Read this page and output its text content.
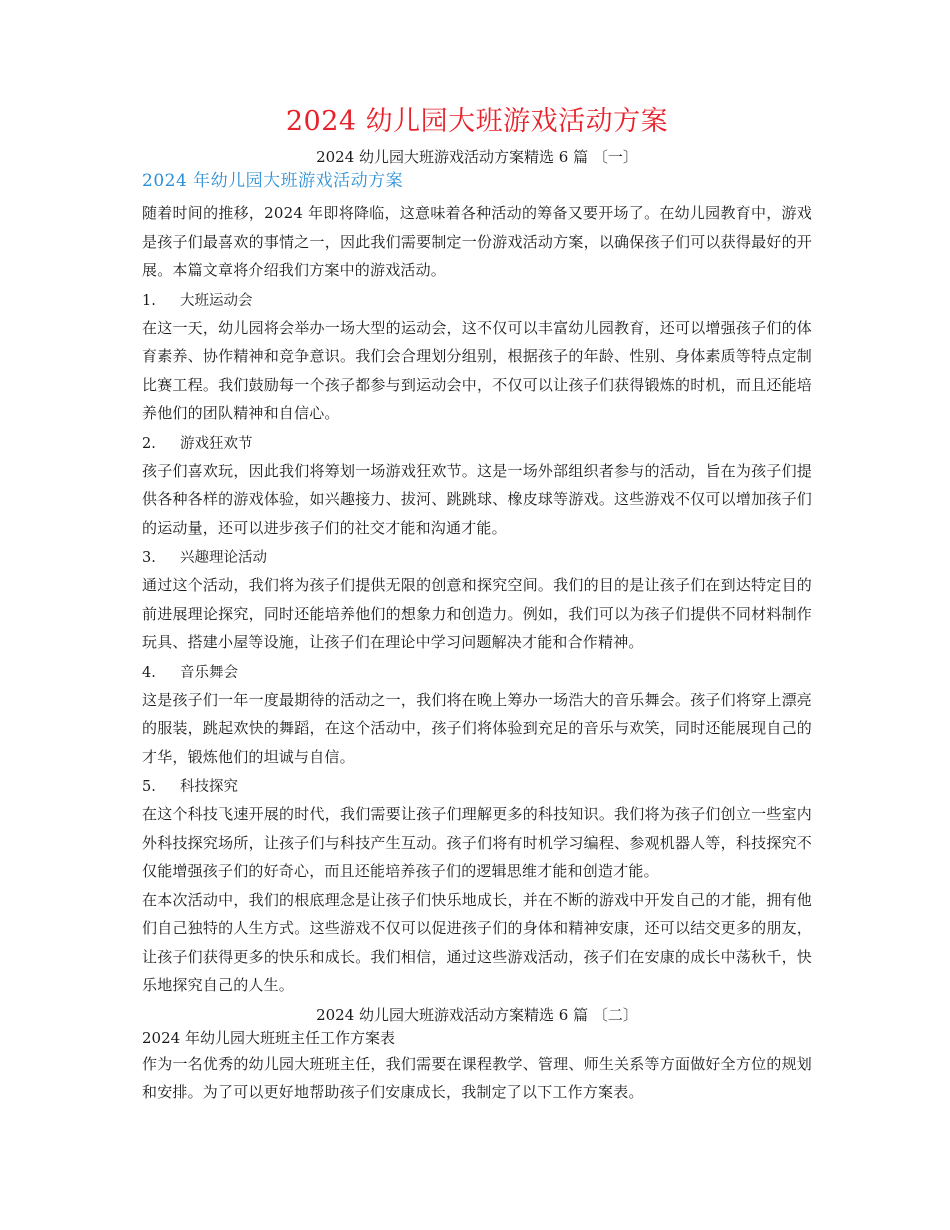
2024 幼儿园大班游戏活动方案

2024 幼儿园大班游戏活动方案精选 6 篇 〔一〕

2024 年幼儿园大班游戏活动方案

随着时间的推移，2024 年即将降临，这意味着各种活动的筹备又要开场了。在幼儿园教育中，游戏是孩子们最喜欢的事情之一，因此我们需要制定一份游戏活动方案，以确保孩子们可以获得最好的开展。本篇文章将介绍我们方案中的游戏活动。

1. 大班运动会

在这一天，幼儿园将会举办一场大型的运动会，这不仅可以丰富幼儿园教育，还可以增强孩子们的体育素养、协作精神和竞争意识。我们会合理划分组别，根据孩子的年龄、性别、身体素质等特点定制比赛工程。我们鼓励每一个孩子都参与到运动会中，不仅可以让孩子们获得锻炼的时机，而且还能培养他们的团队精神和自信心。

2. 游戏狂欢节

孩子们喜欢玩，因此我们将筹划一场游戏狂欢节。这是一场外部组织者参与的活动，旨在为孩子们提供各种各样的游戏体验，如兴趣接力、拔河、跳跳球、橡皮球等游戏。这些游戏不仅可以增加孩子们的运动量，还可以进步孩子们的社交才能和沟通才能。

3. 兴趣理论活动

通过这个活动，我们将为孩子们提供无限的创意和探究空间。我们的目的是让孩子们在到达特定目的前进展理论探究，同时还能培养他们的想象力和创造力。例如，我们可以为孩子们提供不同材料制作玩具、搭建小屋等设施，让孩子们在理论中学习问题解决才能和合作精神。

4. 音乐舞会

这是孩子们一年一度最期待的活动之一，我们将在晚上筹办一场浩大的音乐舞会。孩子们将穿上漂亮的服装，跳起欢快的舞蹈，在这个活动中，孩子们将体验到充足的音乐与欢笑，同时还能展现自己的才华，锻炼他们的坦诚与自信。

5. 科技探究

在这个科技飞速开展的时代，我们需要让孩子们理解更多的科技知识。我们将为孩子们创立一些室内外科技探究场所，让孩子们与科技产生互动。孩子们将有时机学习编程、参观机器人等，科技探究不仅能增强孩子们的好奇心，而且还能培养孩子们的逻辑思维才能和创造才能。

在本次活动中，我们的根底理念是让孩子们快乐地成长，并在不断的游戏中开发自己的才能，拥有他们自己独特的人生方式。这些游戏不仅可以促进孩子们的身体和精神安康，还可以结交更多的朋友，让孩子们获得更多的快乐和成长。我们相信，通过这些游戏活动，孩子们在安康的成长中荡秋千，快乐地探究自己的人生。

2024 幼儿园大班游戏活动方案精选 6 篇 〔二〕

2024 年幼儿园大班班主任工作方案表

作为一名优秀的幼儿园大班班主任，我们需要在课程教学、管理、师生关系等方面做好全方位的规划和安排。为了可以更好地帮助孩子们安康成长，我制定了以下工作方案表。
